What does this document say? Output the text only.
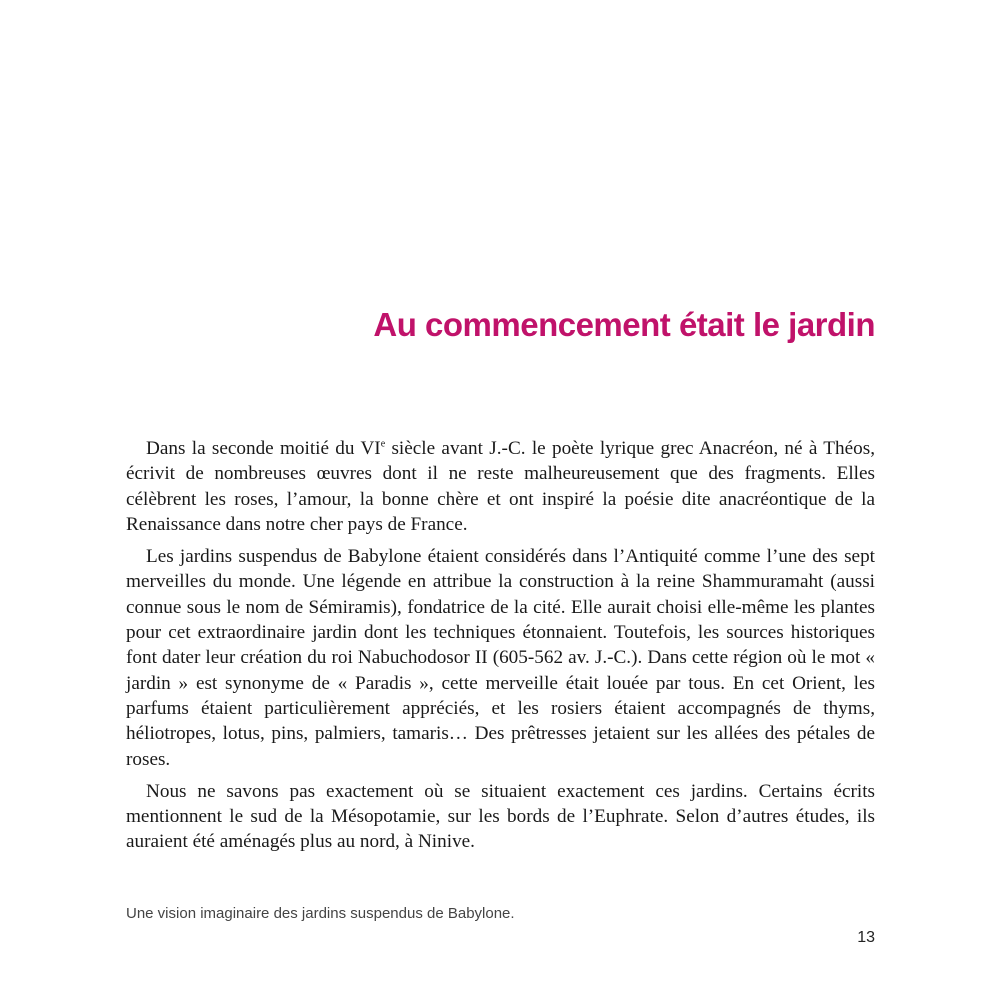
Au commencement était le jardin

Dans la seconde moitié du VIe siècle avant J.-C. le poète lyrique grec Anacréon, né à Théos, écrivit de nombreuses œuvres dont il ne reste malheureusement que des fragments. Elles célèbrent les roses, l’amour, la bonne chère et ont inspiré la poésie dite anacréontique de la Renaissance dans notre cher pays de France.

Les jardins suspendus de Babylone étaient considérés dans l’Antiquité comme l’une des sept merveilles du monde. Une légende en attribue la construction à la reine Shammuramaht (aussi connue sous le nom de Sémiramis), fondatrice de la cité. Elle aurait choisi elle-même les plantes pour cet extraordinaire jardin dont les techniques étonnaient. Toutefois, les sources historiques font dater leur création du roi Nabuchodosor II (605-562 av. J.-C.). Dans cette région où le mot « jardin » est synonyme de « Paradis », cette merveille était louée par tous. En cet Orient, les parfums étaient particulièrement appréciés, et les rosiers étaient accompagnés de thyms, héliotropes, lotus, pins, palmiers, tamaris… Des prêtresses jetaient sur les allées des pétales de roses.

Nous ne savons pas exactement où se situaient exactement ces jardins. Certains écrits mentionnent le sud de la Mésopotamie, sur les bords de l’Euphrate. Selon d’autres études, ils auraient été aménagés plus au nord, à Ninive.

Une vision imaginaire des jardins suspendus de Babylone.

13
